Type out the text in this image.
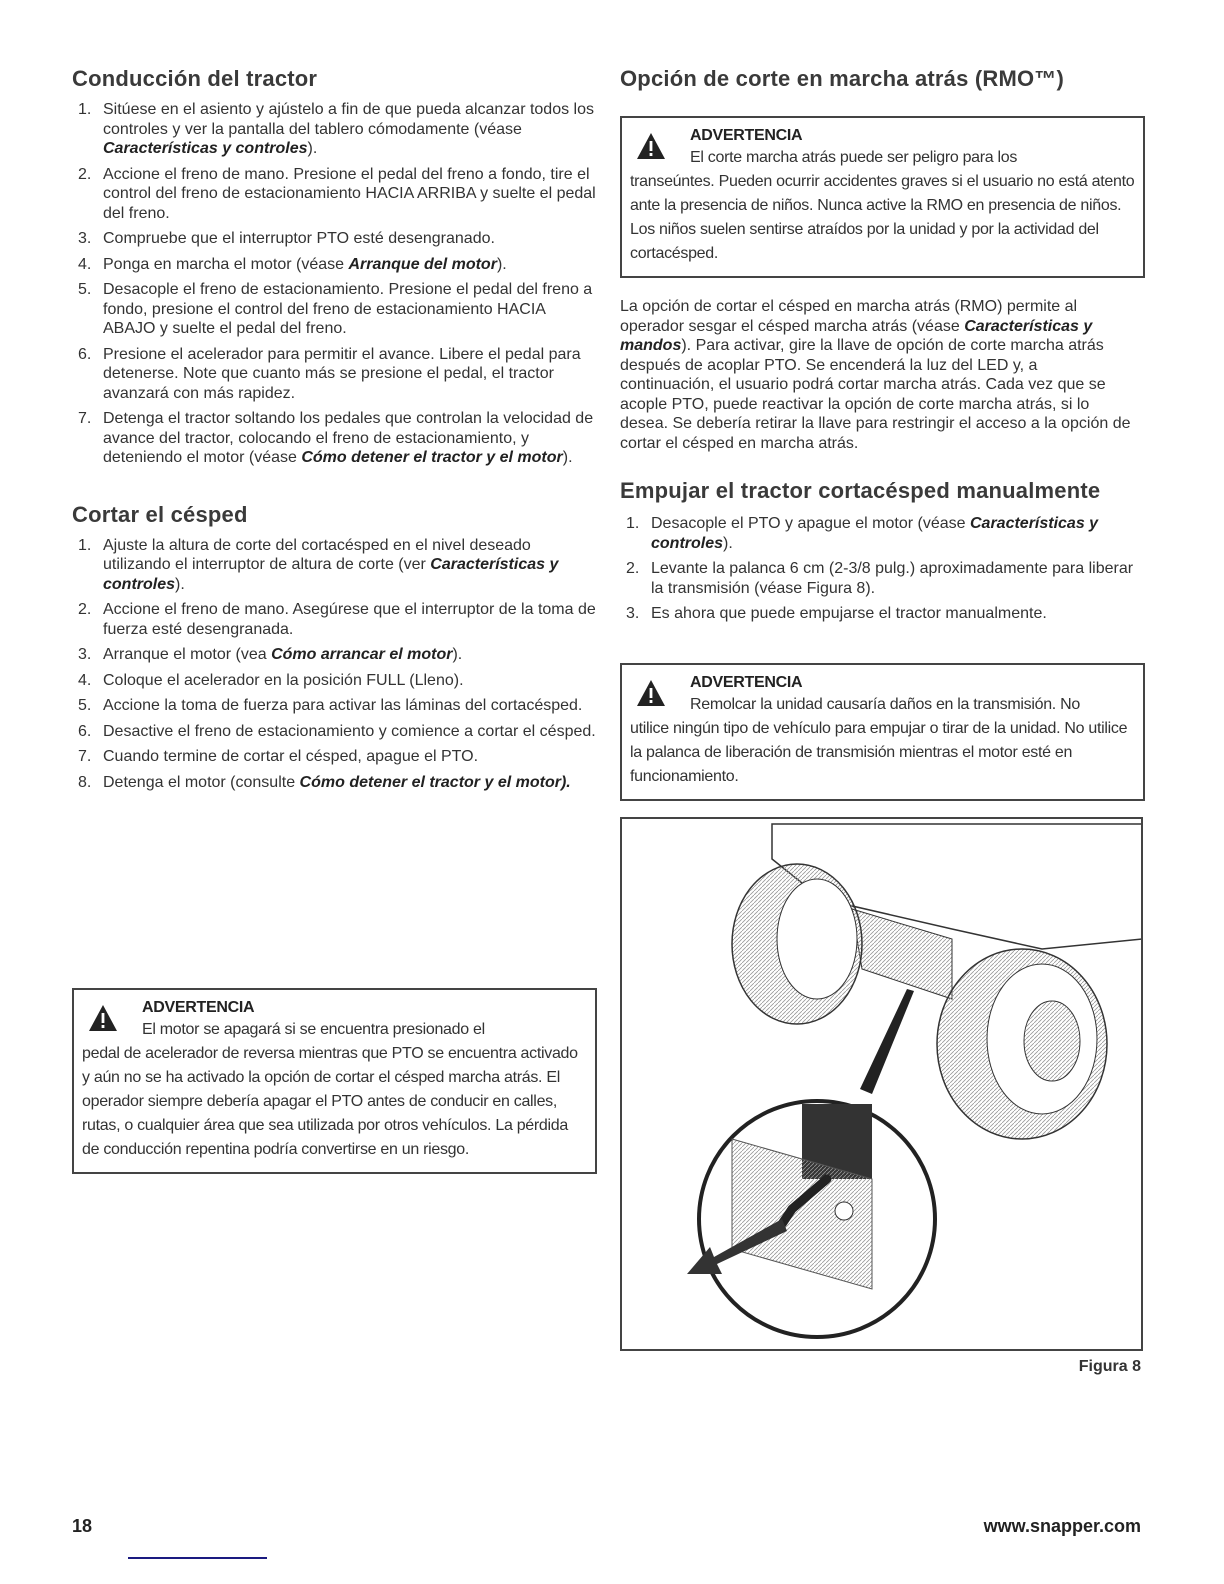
Conducción del tractor
1. Sitúese en el asiento y ajústelo a fin de que pueda alcanzar todos los controles y ver la pantalla del tablero cómodamente (véase Características y controles).
2. Accione el freno de mano. Presione el pedal del freno a fondo, tire el control del freno de estacionamiento HACIA ARRIBA y suelte el pedal del freno.
3. Compruebe que el interruptor PTO esté desengranado.
4. Ponga en marcha el motor (véase Arranque del motor).
5. Desacople el freno de estacionamiento. Presione el pedal del freno a fondo, presione el control del freno de estacionamiento HACIA ABAJO y suelte el pedal del freno.
6. Presione el acelerador para permitir el avance. Libere el pedal para detenerse. Note que cuanto más se presione el pedal, el tractor avanzará con más rapidez.
7. Detenga el tractor soltando los pedales que controlan la velocidad de avance del tractor, colocando el freno de estacionamiento, y deteniendo el motor (véase Cómo detener el tractor y el motor).
Cortar el césped
1. Ajuste la altura de corte del cortacésped en el nivel deseado utilizando el interruptor de altura de corte (ver Características y controles).
2. Accione el freno de mano. Asegúrese que el interruptor de la toma de fuerza esté desengranada.
3. Arranque el motor (vea Cómo arrancar el motor).
4. Coloque el acelerador en la posición FULL (Lleno).
5. Accione la toma de fuerza para activar las láminas del cortacésped.
6. Desactive el freno de estacionamiento y comience a cortar el césped.
7. Cuando termine de cortar el césped, apague el PTO.
8. Detenga el motor (consulte Cómo detener el tractor y el motor).
ADVERTENCIA
El motor se apagará si se encuentra presionado el
pedal de acelerador de reversa mientras que PTO se encuentra activado y aún no se ha activado la opción de cortar el césped marcha atrás. El operador siempre debería apagar el PTO antes de conducir en calles, rutas, o cualquier área que sea utilizada por otros vehículos. La pérdida de conducción repentina podría convertirse en un riesgo.
Opción de corte en marcha atrás (RMO™)
ADVERTENCIA
El corte marcha atrás puede ser peligro para los
transeúntes. Pueden ocurrir accidentes graves si el usuario no está atento ante la presencia de niños. Nunca active la RMO en presencia de niños. Los niños suelen sentirse atraídos por la unidad y por la actividad del cortacésped.

La opción de cortar el césped en marcha atrás (RMO) permite al operador sesgar el césped marcha atrás (véase Características y mandos). Para activar, gire la llave de opción de corte marcha atrás después de acoplar PTO. Se encenderá la luz del LED y, a continuación, el usuario podrá cortar marcha atrás. Cada vez que se acople PTO, puede reactivar la opción de corte marcha atrás, si lo desea. Se debería retirar la llave para restringir el acceso a la opción de cortar el césped en marcha atrás.

Empujar el tractor cortacésped manualmente
1. Desacople el PTO y apague el motor (véase Características y controles).
2. Levante la palanca 6 cm (2-3/8 pulg.) aproximadamente para liberar la transmisión (véase Figura 8).
3. Es ahora que puede empujarse el tractor manualmente.
ADVERTENCIA
Remolcar la unidad causaría daños en la transmisión. No
utilice ningún tipo de vehículo para empujar o tirar de la unidad. No utilice la palanca de liberación de transmisión mientras el motor esté en funcionamiento.
Figura 8
18	www.snapper.com
